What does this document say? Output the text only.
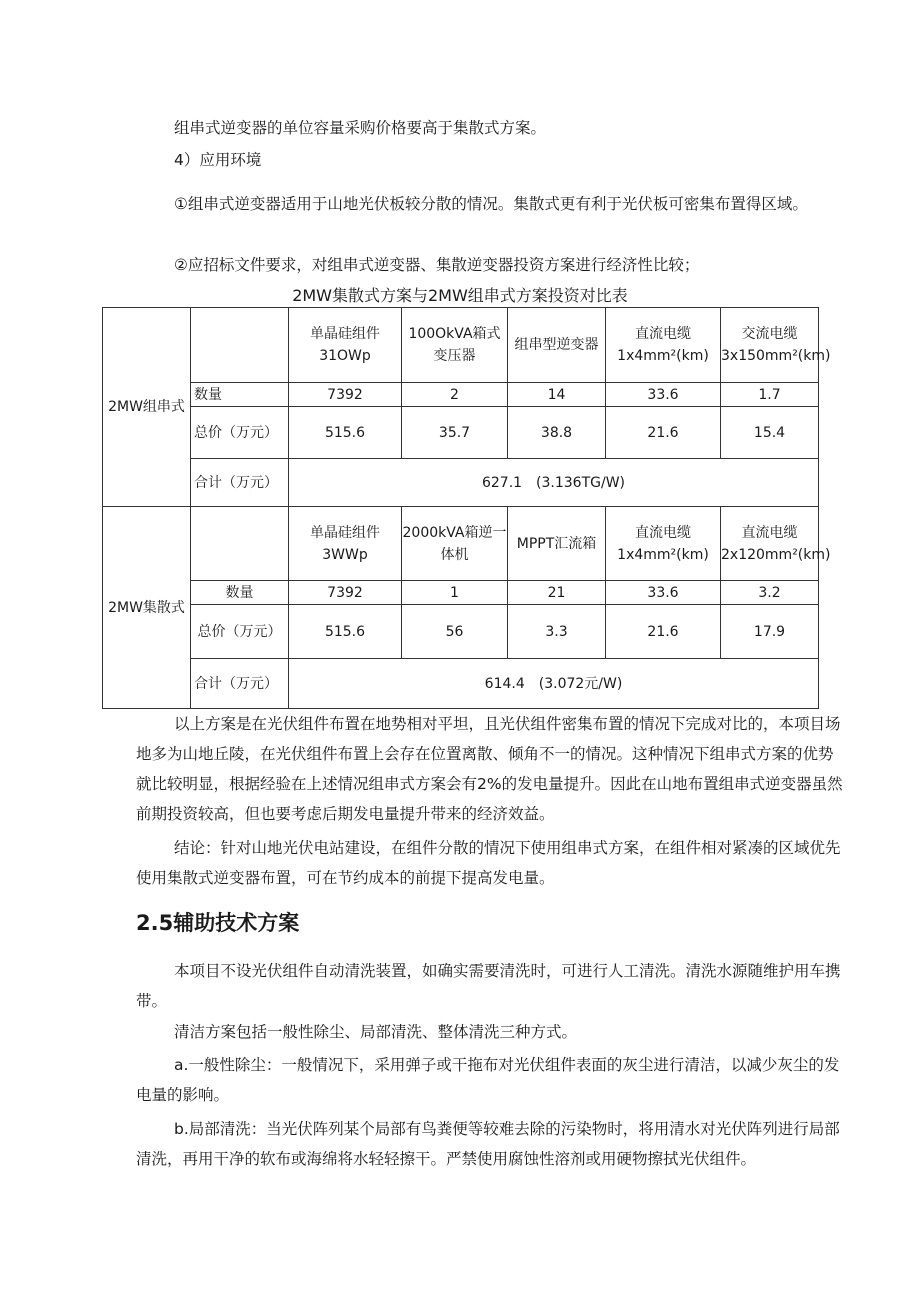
组串式逆变器的单位容量采购价格要高于集散式方案。

4）应用环境

①组串式逆变器适用于山地光伏板较分散的情况。集散式更有利于光伏板可密集布置得区域。

②应招标文件要求，对组串式逆变器、集散逆变器投资方案进行经济性比较；

2MW集散式方案与2MW组串式方案投资对比表
2MW组串式		单晶硅组件 31OWp	100OkVA箱式变压器	组串型逆变器	直流电缆 1x4mm²(km)	交流电缆 3x150mm²(km)
	数量	7392	2	14	33.6	1.7
	总价（万元）	515.6	35.7	38.8	21.6	15.4
	合计（万元）	627.1　(3.136TG/W)				
2MW集散式		单晶硅组件 3WWp	2000kVA箱逆一体机	MPPT汇流箱	直流电缆 1x4mm²(km)	直流电缆 2x120mm²(km)
	数量	7392	1	21	33.6	3.2
	总价（万元）	515.6	56	3.3	21.6	17.9
	合计（万元）	614.4　(3.072元/W)				

以上方案是在光伏组件布置在地势相对平坦，且光伏组件密集布置的情况下完成对比的，本项目场地多为山地丘陵，在光伏组件布置上会存在位置离散、倾角不一的情况。这种情况下组串式方案的优势就比较明显，根据经验在上述情况组串式方案会有2%的发电量提升。因此在山地布置组串式逆变器虽然前期投资较高，但也要考虑后期发电量提升带来的经济效益。

结论：针对山地光伏电站建设，在组件分散的情况下使用组串式方案，在组件相对紧凑的区域优先使用集散式逆变器布置，可在节约成本的前提下提高发电量。

2.5辅助技术方案

本项目不设光伏组件自动清洗装置，如确实需要清洗时，可进行人工清洗。清洗水源随维护用车携带。

清洁方案包括一般性除尘、局部清洗、整体清洗三种方式。

a.一般性除尘：一般情况下，采用弹子或干拖布对光伏组件表面的灰尘进行清洁，以减少灰尘的发电量的影响。

b.局部清洗：当光伏阵列某个局部有鸟粪便等较难去除的污染物时，将用清水对光伏阵列进行局部清洗，再用干净的软布或海绵将水轻轻擦干。严禁使用腐蚀性溶剂或用硬物擦拭光伏组件。
